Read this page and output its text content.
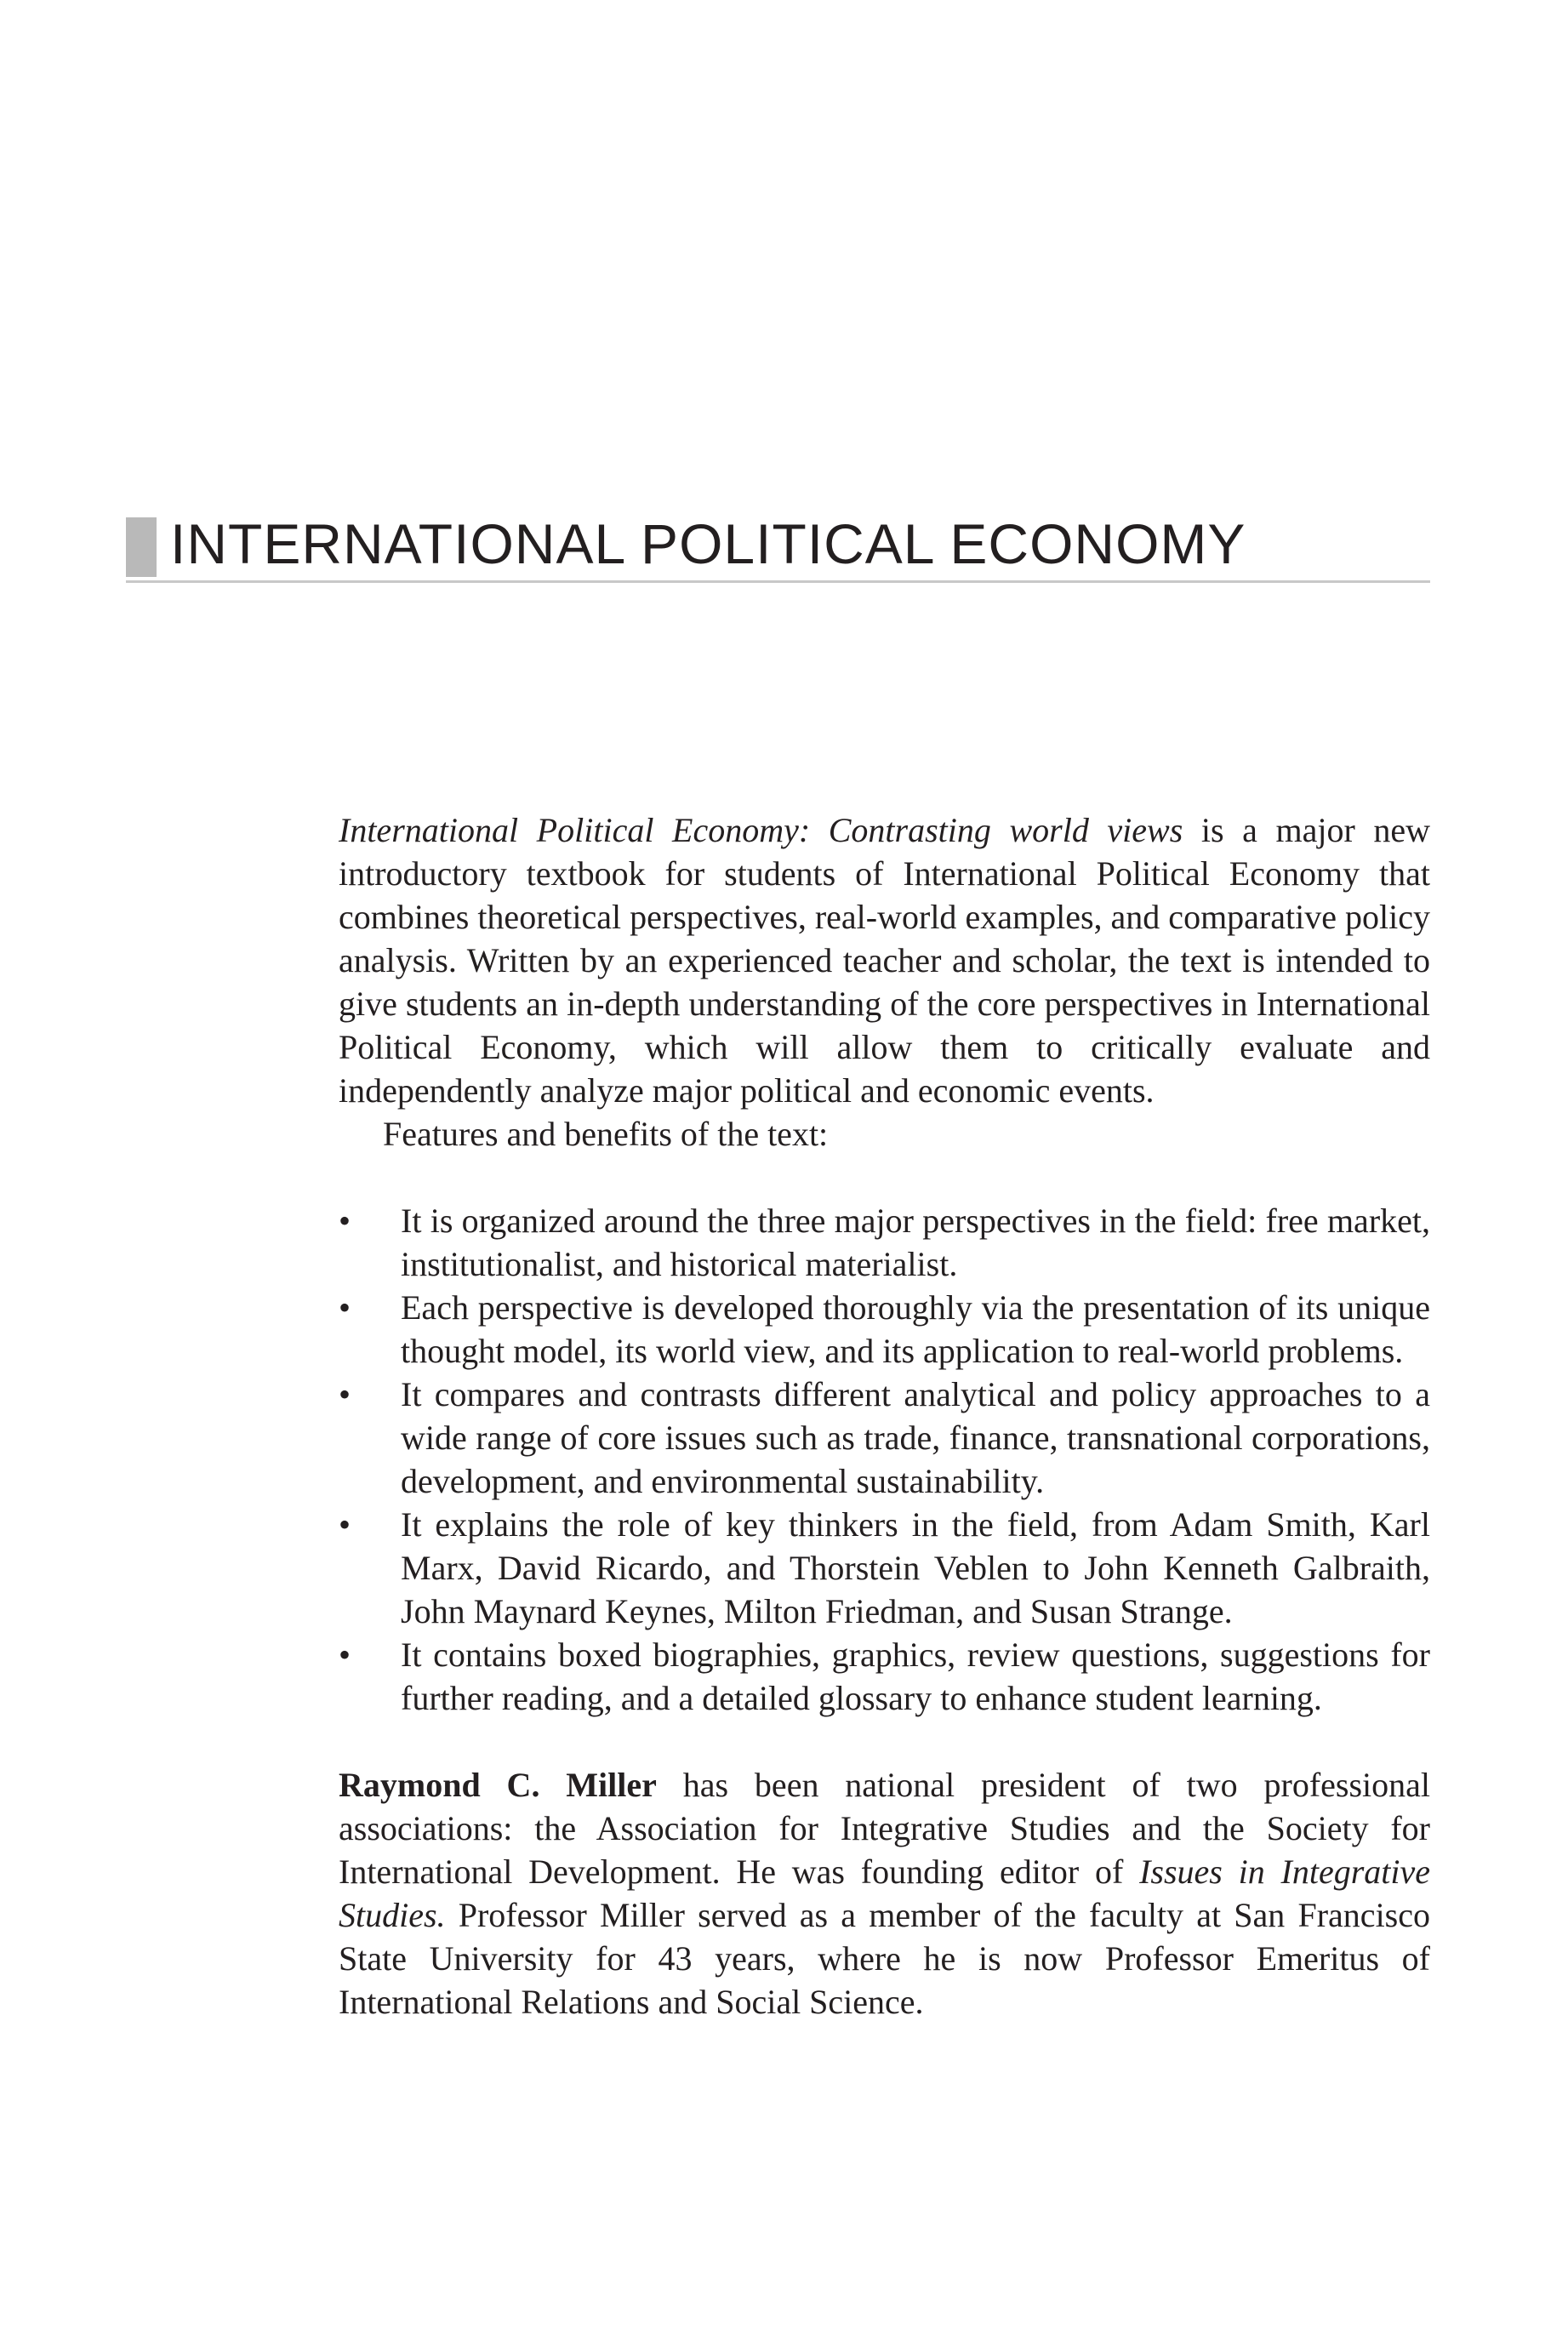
INTERNATIONAL POLITICAL ECONOMY

International Political Economy: Contrasting world views is a major new introductory textbook for students of International Political Economy that combines theoretical perspectives, real-world examples, and comparative policy analysis. Written by an experienced teacher and scholar, the text is intended to give students an in-depth understanding of the core perspectives in International Political Economy, which will allow them to critically evaluate and independently analyze major political and economic events.

Features and benefits of the text:

• It is organized around the three major perspectives in the field: free market, institutionalist, and historical materialist.
• Each perspective is developed thoroughly via the presentation of its unique thought model, its world view, and its application to real-world problems.
• It compares and contrasts different analytical and policy approaches to a wide range of core issues such as trade, finance, transnational corporations, development, and environmental sustainability.
• It explains the role of key thinkers in the field, from Adam Smith, Karl Marx, David Ricardo, and Thorstein Veblen to John Kenneth Galbraith, John Maynard Keynes, Milton Friedman, and Susan Strange.
• It contains boxed biographies, graphics, review questions, suggestions for further reading, and a detailed glossary to enhance student learning.

Raymond C. Miller has been national president of two professional associations: the Association for Integrative Studies and the Society for International Development. He was founding editor of Issues in Integrative Studies. Professor Miller served as a member of the faculty at San Francisco State University for 43 years, where he is now Professor Emeritus of International Relations and Social Science.
